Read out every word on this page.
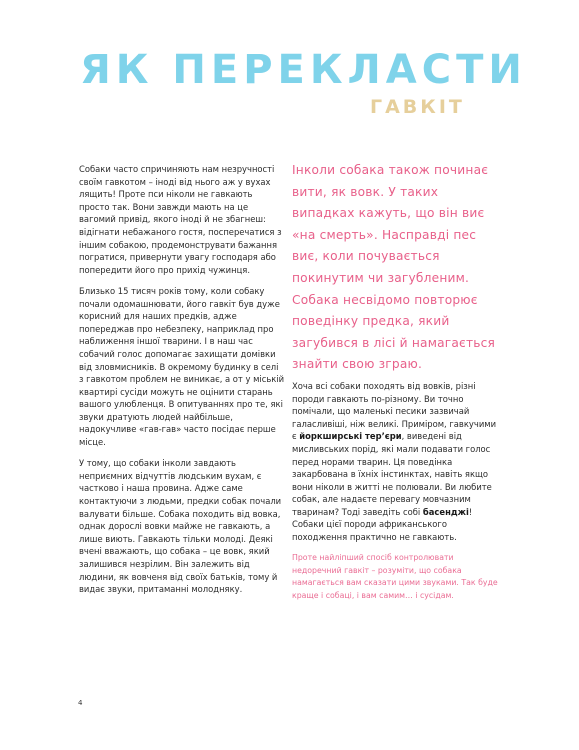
ЯК ПЕРЕКЛАСТИ
ГАВКІТ

Собаки часто спричиняють нам незручності своїм гавкотом – іноді від нього аж у вухах лящить! Проте пси ніколи не гавкають просто так. Вони завжди мають на це вагомий привід, якого іноді й не збагнеш: відігнати небажаного гостя, посперечатися з іншим собакою, продемонструвати бажання погратися, привернути увагу господаря або попередити його про прихід чужинця.

Близько 15 тисяч років тому, коли собаку почали одомашнювати, його гавкіт був дуже корисний для наших предків, адже попереджав про небезпеку, наприклад про наближення іншої тварини. І в наш час собачий голос допомагає захищати домівки від зловмисників. В окремому будинку в селі з гавкотом проблем не виникає, а от у міській квартирі сусіди можуть не оцінити старань вашого улюбленця. В опитуваннях про те, які звуки дратують людей найбільше, надокучливе «гав-гав» часто посідає перше місце.

У тому, що собаки інколи завдають неприємних відчуттів людським вухам, є частково і наша провина. Адже саме контактуючи з людьми, предки собак почали валувати більше. Собака походить від вовка, однак дорослі вовки майже не гавкають, а лише виють. Гавкають тільки молоді. Деякі вчені вважають, що собака – це вовк, який залишився незрілим. Він залежить від людини, як вовченя від своїх батьків, тому й видає звуки, притаманні молодняку.

Інколи собака також починає вити, як вовк. У таких випадках кажуть, що він виє «на смерть». Насправді пес виє, коли почувається покинутим чи загубленим. Собака несвідомо повторює поведінку предка, який загубився в лісі й намагається знайти свою зграю.

Хоча всі собаки походять від вовків, різні породи гавкають по-різному. Ви точно помічали, що маленькі песики зазвичай галасливіші, ніж великі. Приміром, гавкучими є йоркширські тер’єри, виведені від мисливських порід, які мали подавати голос перед норами тварин. Ця поведінка закарбована в їхніх інстинктах, навіть якщо вони ніколи в житті не полювали. Ви любите собак, але надаєте перевагу мовчазним тваринам? Тоді заведіть собі басенджі! Собаки цієї породи африканського походження практично не гавкають.

Проте найліпший спосіб контролювати недоречний гавкіт – розуміти, що собака намагається вам сказати цими звуками. Так буде краще і собаці, і вам самим… і сусідам.

4
